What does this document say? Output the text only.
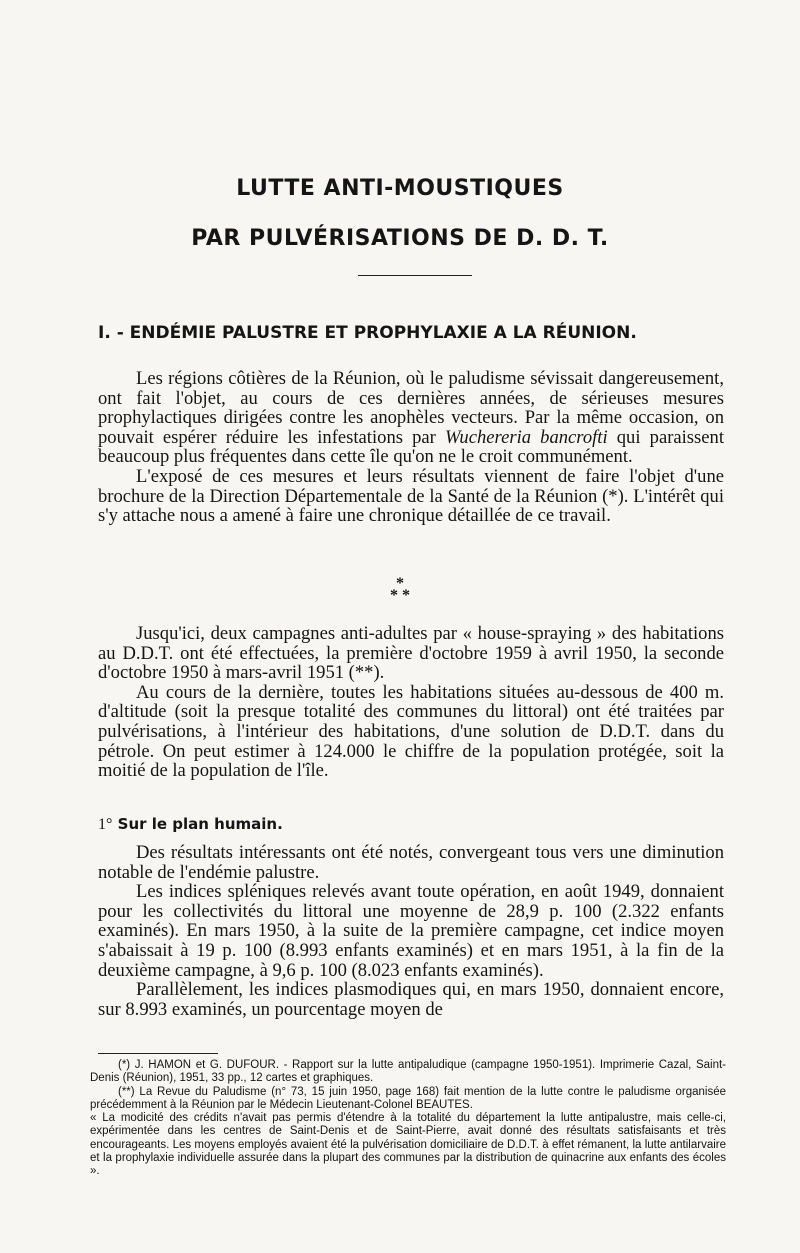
LUTTE ANTI-MOUSTIQUES
PAR PULVÉRISATIONS DE D. D. T.
I. - ENDÉMIE PALUSTRE ET PROPHYLAXIE A LA RÉUNION.

Les régions côtières de la Réunion, où le paludisme sévissait dangereusement, ont fait l'objet, au cours de ces dernières années, de sérieuses mesures prophylactiques dirigées contre les anophèles vecteurs. Par la même occasion, on pouvait espérer réduire les infestations par Wuchereria bancrofti qui paraissent beaucoup plus fréquentes dans cette île qu'on ne le croit communément.

L'exposé de ces mesures et leurs résultats viennent de faire l'objet d'une brochure de la Direction Départementale de la Santé de la Réunion (*). L'intérêt qui s'y attache nous a amené à faire une chronique détaillée de ce travail.

*
* *

Jusqu'ici, deux campagnes anti-adultes par « house-spraying » des habitations au D.D.T. ont été effectuées, la première d'octobre 1959 à avril 1950, la seconde d'octobre 1950 à mars-avril 1951 (**).

Au cours de la dernière, toutes les habitations situées au-dessous de 400 m. d'altitude (soit la presque totalité des communes du littoral) ont été traitées par pulvérisations, à l'intérieur des habitations, d'une solution de D.D.T. dans du pétrole. On peut estimer à 124.000 le chiffre de la population protégée, soit la moitié de la population de l'île.

1° Sur le plan humain.

Des résultats intéressants ont été notés, convergeant tous vers une diminution notable de l'endémie palustre.

Les indices spléniques relevés avant toute opération, en août 1949, donnaient pour les collectivités du littoral une moyenne de 28,9 p. 100 (2.322 enfants examinés). En mars 1950, à la suite de la première campagne, cet indice moyen s'abaissait à 19 p. 100 (8.993 enfants examinés) et en mars 1951, à la fin de la deuxième campagne, à 9,6 p. 100 (8.023 enfants examinés).

Parallèlement, les indices plasmodiques qui, en mars 1950, donnaient encore, sur 8.993 examinés, un pourcentage moyen de

(*) J. HAMON et G. DUFOUR. - Rapport sur la lutte antipaludique (campagne 1950-1951). Imprimerie Cazal, Saint-Denis (Réunion), 1951, 33 pp., 12 cartes et graphiques.

(**) La Revue du Paludisme (n° 73, 15 juin 1950, page 168) fait mention de la lutte contre le paludisme organisée précédemment à la Réunion par le Médecin Lieutenant-Colonel BEAUTES.

« La modicité des crédits n'avait pas permis d'étendre à la totalité du département la lutte antipalustre, mais celle-ci, expérimentée dans les centres de Saint-Denis et de Saint-Pierre, avait donné des résultats satisfaisants et très encourageants. Les moyens employés avaient été la pulvérisation domiciliaire de D.D.T. à effet rémanent, la lutte antilarvaire et la prophylaxie individuelle assurée dans la plupart des communes par la distribution de quinacrine aux enfants des écoles ».
